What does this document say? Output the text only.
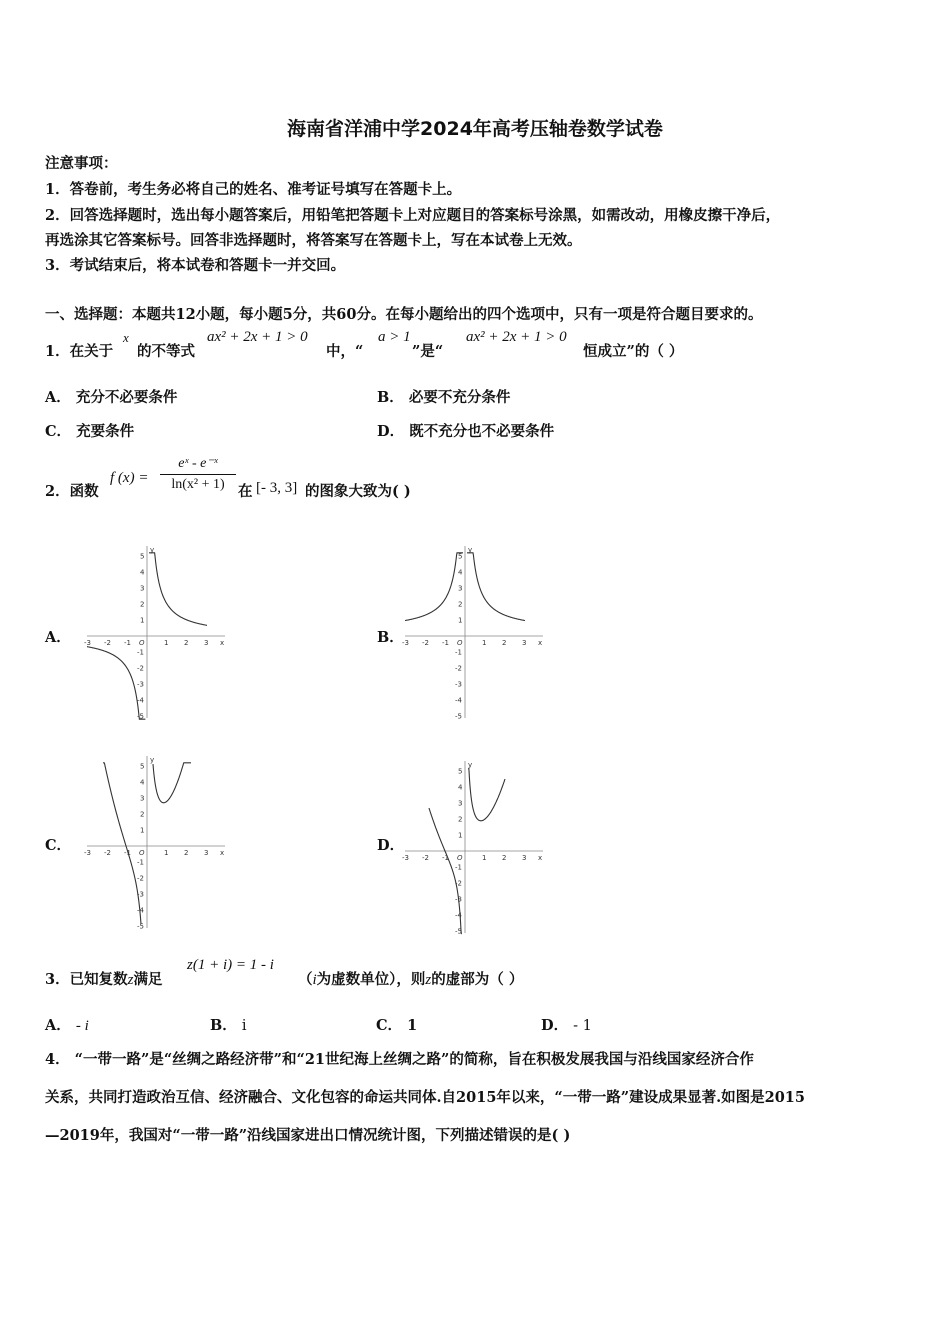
海南省洋浦中学2024年高考压轴卷数学试卷
注意事项：
1．答卷前，考生务必将自己的姓名、准考证号填写在答题卡上。
2．回答选择题时，选出每小题答案后，用铅笔把答题卡上对应题目的答案标号涂黑，如需改动，用橡皮擦干净后，
再选涂其它答案标号。回答非选择题时，将答案写在答题卡上，写在本试卷上无效。
3．考试结束后，将本试卷和答题卡一并交回。
一、选择题：本题共12小题，每小题5分，共60分。在每小题给出的四个选项中，只有一项是符合题目要求的。
1．在关于
x
的不等式
ax² + 2x + 1 > 0
中，“
a > 1
”是“
ax² + 2x + 1 > 0
恒成立”的（ ）
A． 充分不必要条件	B． 必要不充分条件
C． 充要条件	D． 既不充分也不必要条件
2．函数
f (x) =
eˣ - e⁻ˣ
ln(x² + 1) 在 [- 3, 3] 的图象大致为( )
A．	B．
C．	D．
-3 -2 -1	1 2 3
5
4
3
2
1
-1
-2
-3
-4
-5
O	x
y
-3 -2 -1	1 2 3
5
4
3
2
1
-1
-2
-3
-4
-5
O	x
y
-3 -2 -1	1 2 3
5
4
3
2
1
-1
-2
-3
-4
-5
O	x
y
-3 -2 -1	1 2 3
5
4
3
2
1
-1
-2
-3
-4
-5
O	x
y
3．已知复数z满足
z(1 + i) = 1 - i
（i为虚数单位），则z的虚部为（ ）
A． - i	B． i	C． 1	D． - 1
4． “一带一路”是“丝绸之路经济带”和“21世纪海上丝绸之路”的简称，旨在积极发展我国与沿线国家经济合作
关系，共同打造政治互信、经济融合、文化包容的命运共同体.自2015年以来，“一带一路”建设成果显著.如图是2015
—2019年，我国对“一带一路”沿线国家进出口情况统计图，下列描述错误的是( )
